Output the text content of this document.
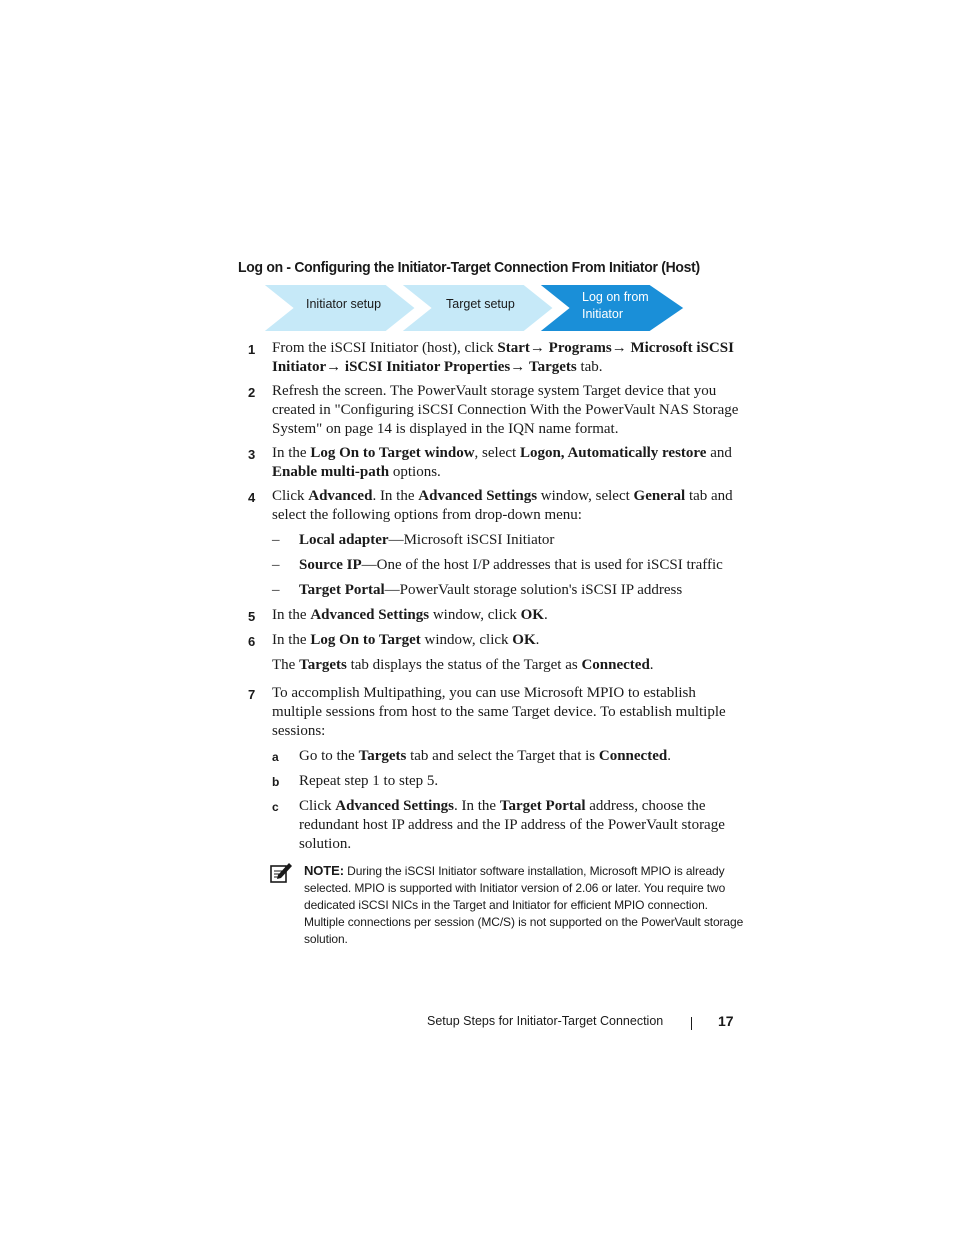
Log on - Configuring the Initiator-Target Connection From Initiator (Host)
Initiator setup	Target setup	Log on from
Initiator
1 From the iSCSI Initiator (host), click Start→ Programs→ Microsoft iSCSI Initiator→ iSCSI Initiator Properties→ Targets tab.
2 Refresh the screen. The PowerVault storage system Target device that you created in "Configuring iSCSI Connection With the PowerVault NAS Storage System" on page 14 is displayed in the IQN name format.
3 In the Log On to Target window, select Logon, Automatically restore and Enable multi-path options.
4 Click Advanced. In the Advanced Settings window, select General tab and select the following options from drop-down menu:
– Local adapter—Microsoft iSCSI Initiator
– Source IP—One of the host I/P addresses that is used for iSCSI traffic
– Target Portal—PowerVault storage solution's iSCSI IP address
5 In the Advanced Settings window, click OK.
6 In the Log On to Target window, click OK.
The Targets tab displays the status of the Target as Connected.
7 To accomplish Multipathing, you can use Microsoft MPIO to establish multiple sessions from host to the same Target device. To establish multiple sessions:
a Go to the Targets tab and select the Target that is Connected.
b Repeat step 1 to step 5.
c Click Advanced Settings. In the Target Portal address, choose the redundant host IP address and the IP address of the PowerVault storage solution.
NOTE: During the iSCSI Initiator software installation, Microsoft MPIO is already selected. MPIO is supported with Initiator version of 2.06 or later. You require two dedicated iSCSI NICs in the Target and Initiator for efficient MPIO connection. Multiple connections per session (MC/S) is not supported on the PowerVault storage solution.
Setup Steps for Initiator-Target Connection	17
